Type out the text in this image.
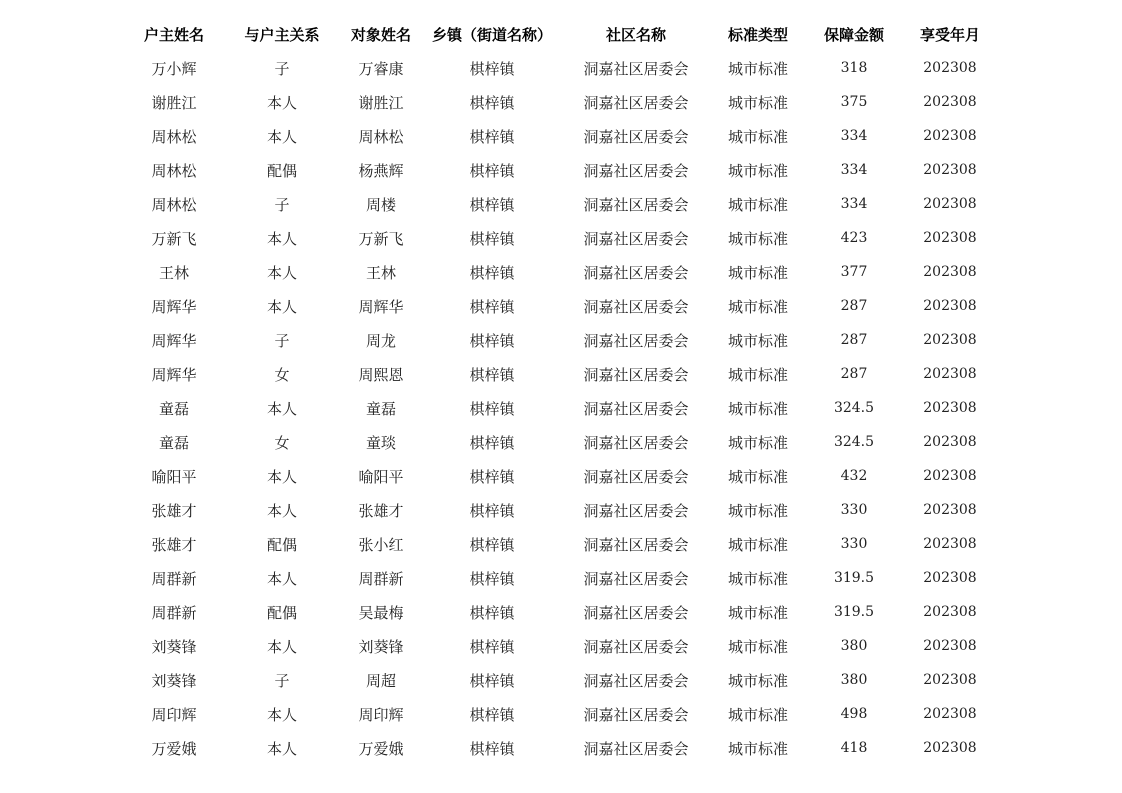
户主姓名	与户主关系	对象姓名	乡镇（街道名称）	社区名称	标准类型	保障金额	享受年月
万小辉	子	万睿康	棋梓镇	洞嘉社区居委会	城市标准	318	202308
谢胜江	本人	谢胜江	棋梓镇	洞嘉社区居委会	城市标准	375	202308
周林松	本人	周林松	棋梓镇	洞嘉社区居委会	城市标准	334	202308
周林松	配偶	杨燕辉	棋梓镇	洞嘉社区居委会	城市标准	334	202308
周林松	子	周楼	棋梓镇	洞嘉社区居委会	城市标准	334	202308
万新飞	本人	万新飞	棋梓镇	洞嘉社区居委会	城市标准	423	202308
王林	本人	王林	棋梓镇	洞嘉社区居委会	城市标准	377	202308
周辉华	本人	周辉华	棋梓镇	洞嘉社区居委会	城市标准	287	202308
周辉华	子	周龙	棋梓镇	洞嘉社区居委会	城市标准	287	202308
周辉华	女	周熙恩	棋梓镇	洞嘉社区居委会	城市标准	287	202308
童磊	本人	童磊	棋梓镇	洞嘉社区居委会	城市标准	324.5	202308
童磊	女	童琰	棋梓镇	洞嘉社区居委会	城市标准	324.5	202308
喻阳平	本人	喻阳平	棋梓镇	洞嘉社区居委会	城市标准	432	202308
张雄才	本人	张雄才	棋梓镇	洞嘉社区居委会	城市标准	330	202308
张雄才	配偶	张小红	棋梓镇	洞嘉社区居委会	城市标准	330	202308
周群新	本人	周群新	棋梓镇	洞嘉社区居委会	城市标准	319.5	202308
周群新	配偶	吴最梅	棋梓镇	洞嘉社区居委会	城市标准	319.5	202308
刘葵锋	本人	刘葵锋	棋梓镇	洞嘉社区居委会	城市标准	380	202308
刘葵锋	子	周超	棋梓镇	洞嘉社区居委会	城市标准	380	202308
周印辉	本人	周印辉	棋梓镇	洞嘉社区居委会	城市标准	498	202308
万爱娥	本人	万爱娥	棋梓镇	洞嘉社区居委会	城市标准	418	202308
